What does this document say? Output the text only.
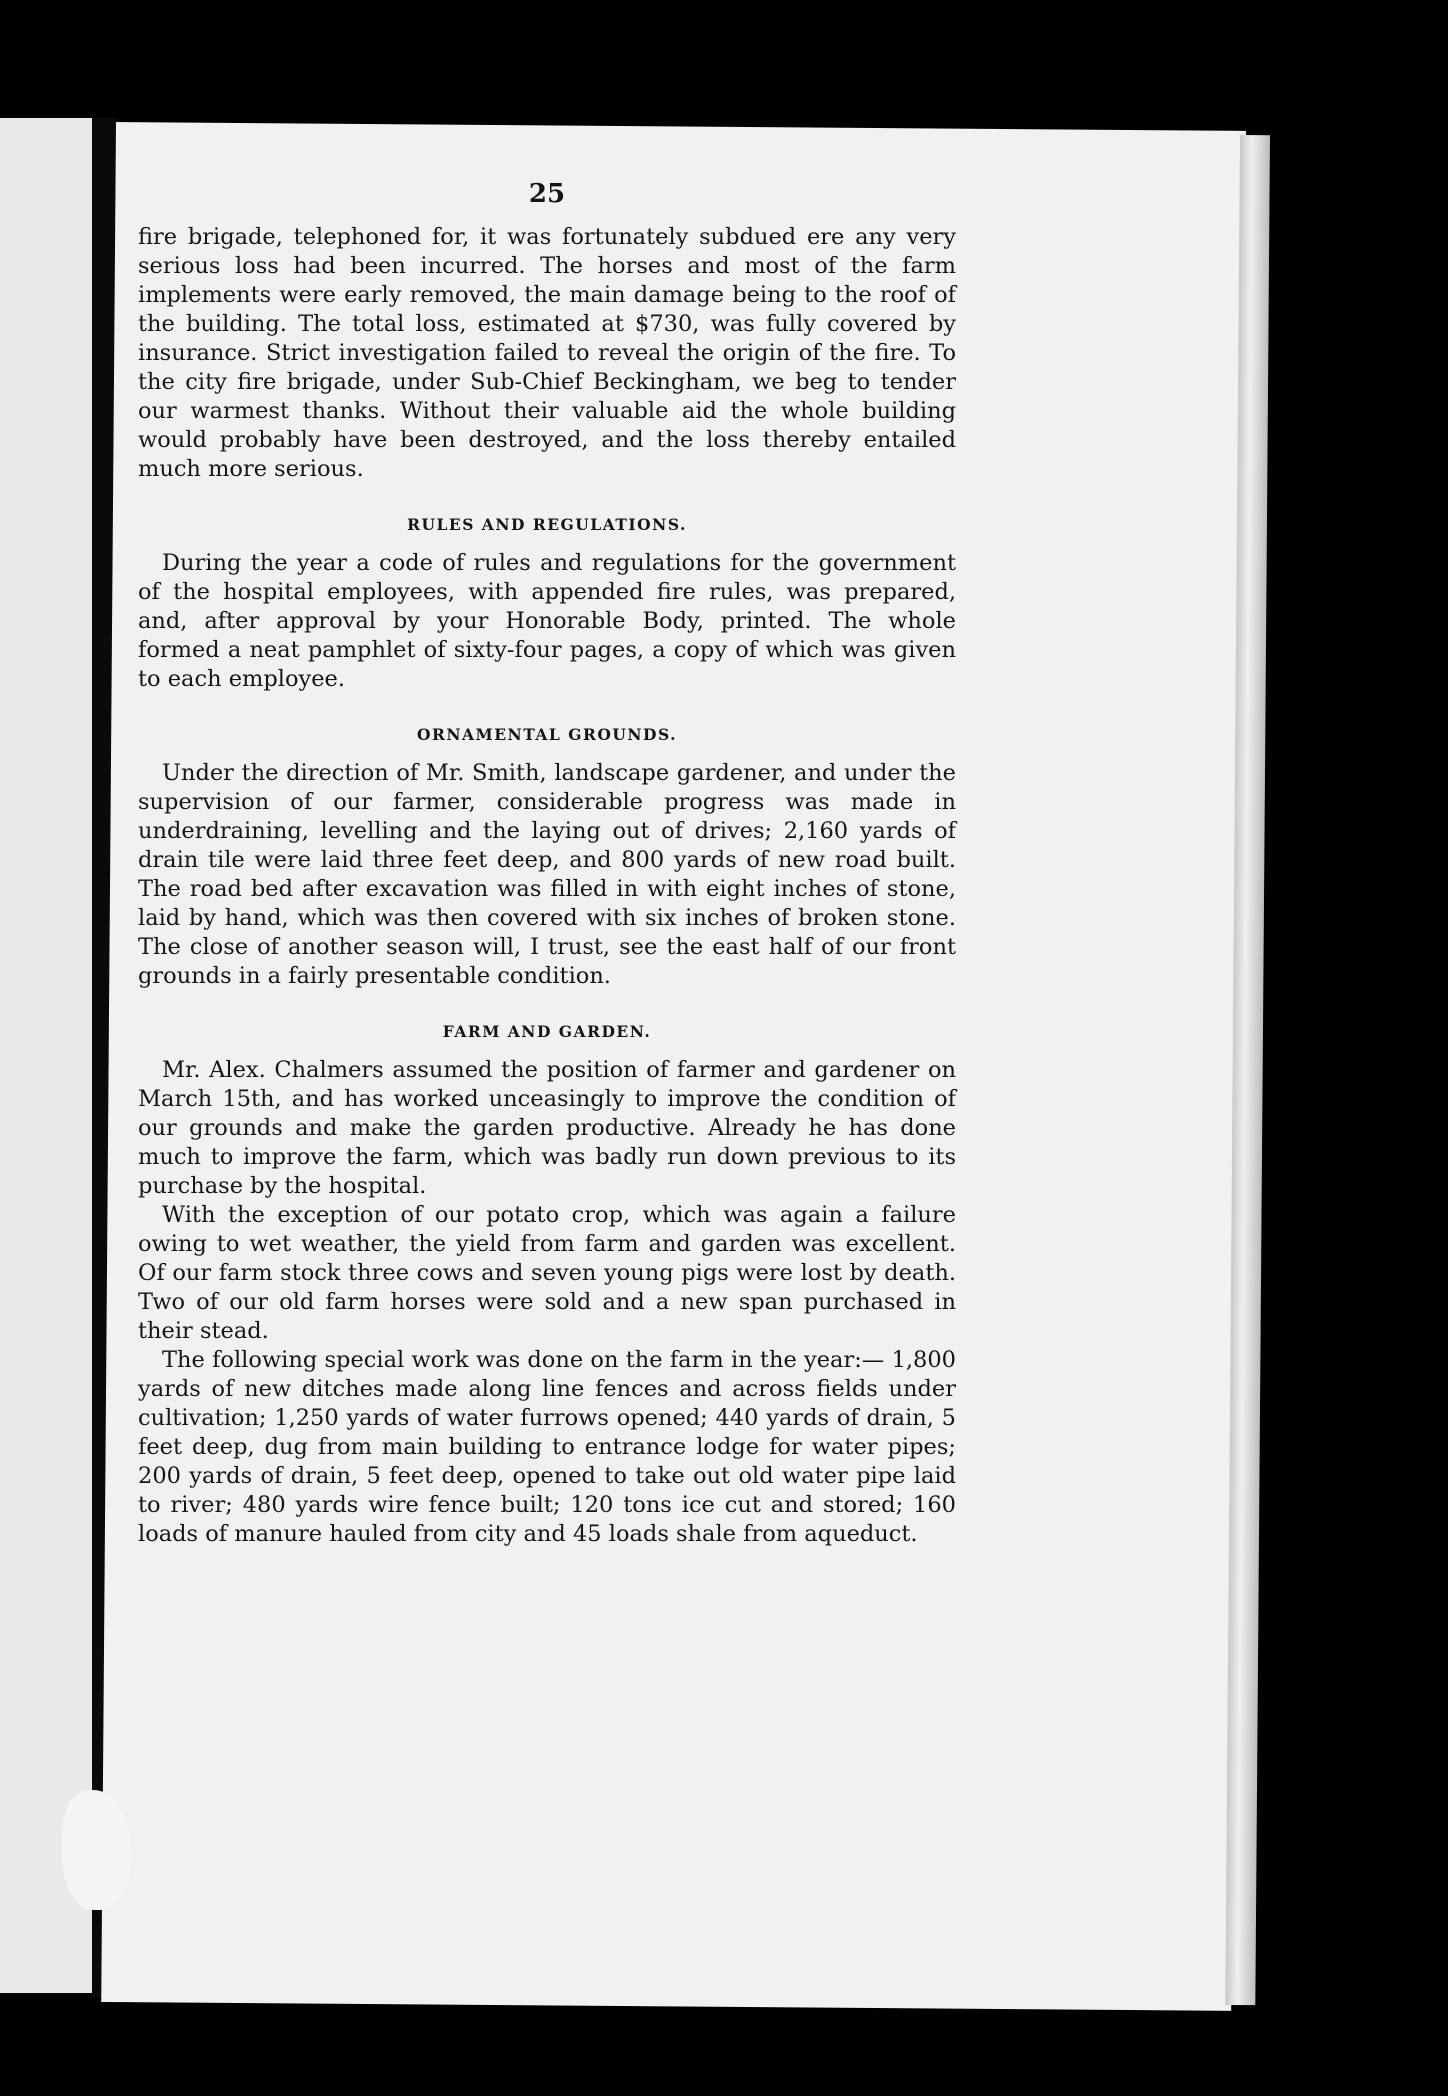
25

fire brigade, telephoned for, it was fortunately subdued ere any very serious loss had been incurred. The horses and most of the farm implements were early removed, the main damage being to the roof of the building. The total loss, estimated at $730, was fully covered by insurance. Strict investigation failed to reveal the origin of the fire. To the city fire brigade, under Sub-Chief Beckingham, we beg to tender our warmest thanks. Without their valuable aid the whole building would probably have been destroyed, and the loss thereby entailed much more serious.

RULES AND REGULATIONS.

During the year a code of rules and regulations for the government of the hospital employees, with appended fire rules, was prepared, and, after approval by your Honorable Body, printed. The whole formed a neat pamphlet of sixty-four pages, a copy of which was given to each employee.

ORNAMENTAL GROUNDS.

Under the direction of Mr. Smith, landscape gardener, and under the supervision of our farmer, considerable progress was made in underdraining, levelling and the laying out of drives; 2,160 yards of drain tile were laid three feet deep, and 800 yards of new road built. The road bed after excavation was filled in with eight inches of stone, laid by hand, which was then covered with six inches of broken stone. The close of another season will, I trust, see the east half of our front grounds in a fairly presentable condition.

FARM AND GARDEN.

Mr. Alex. Chalmers assumed the position of farmer and gardener on March 15th, and has worked unceasingly to improve the condition of our grounds and make the garden productive. Already he has done much to improve the farm, which was badly run down previous to its purchase by the hospital.

With the exception of our potato crop, which was again a failure owing to wet weather, the yield from farm and garden was excellent. Of our farm stock three cows and seven young pigs were lost by death. Two of our old farm horses were sold and a new span purchased in their stead.

The following special work was done on the farm in the year:— 1,800 yards of new ditches made along line fences and across fields under cultivation; 1,250 yards of water furrows opened; 440 yards of drain, 5 feet deep, dug from main building to entrance lodge for water pipes; 200 yards of drain, 5 feet deep, opened to take out old water pipe laid to river; 480 yards wire fence built; 120 tons ice cut and stored; 160 loads of manure hauled from city and 45 loads shale from aqueduct.
